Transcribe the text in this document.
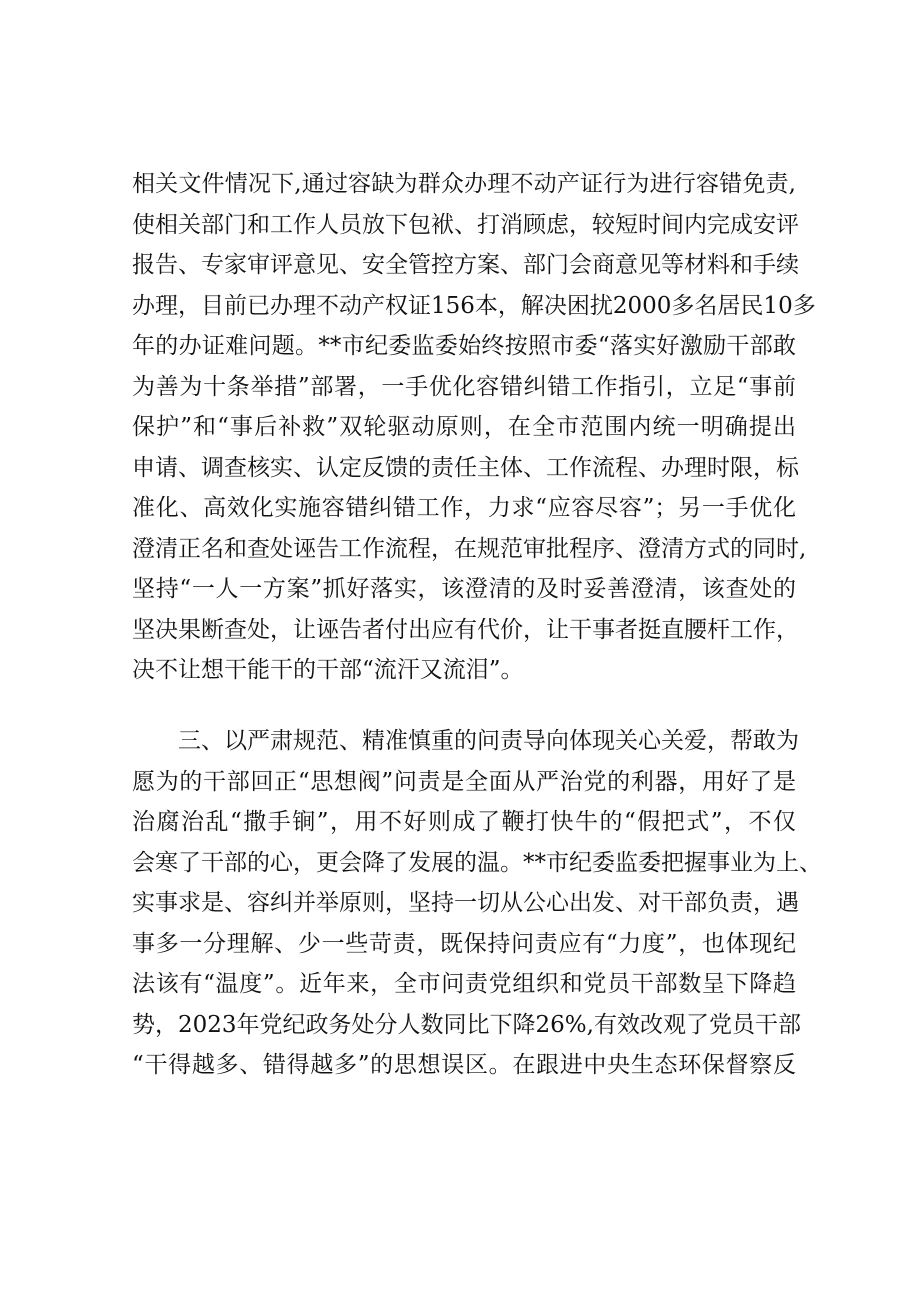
相关文件情况下,通过容缺为群众办理不动产证行为进行容错免责,
使相关部门和工作人员放下包袱、打消顾虑，较短时间内完成安评
报告、专家审评意见、安全管控方案、部门会商意见等材料和手续
办理，目前已办理不动产权证156本，解决困扰2000多名居民10多
年的办证难问题。**市纪委监委始终按照市委“落实好激励干部敢
为善为十条举措”部署，一手优化容错纠错工作指引，立足“事前
保护”和“事后补救”双轮驱动原则，在全市范围内统一明确提出
申请、调查核实、认定反馈的责任主体、工作流程、办理时限，标
准化、高效化实施容错纠错工作，力求“应容尽容”；另一手优化
澄清正名和查处诬告工作流程，在规范审批程序、澄清方式的同时,
坚持“一人一方案”抓好落实，该澄清的及时妥善澄清，该查处的
坚决果断查处，让诬告者付出应有代价，让干事者挺直腰杆工作，
决不让想干能干的干部“流汗又流泪”。
三、以严肃规范、精准慎重的问责导向体现关心关爱，帮敢为
愿为的干部回正“思想阀”问责是全面从严治党的利器，用好了是
治腐治乱“撒手锏”，用不好则成了鞭打快牛的“假把式”，不仅
会寒了干部的心，更会降了发展的温。**市纪委监委把握事业为上、
实事求是、容纠并举原则，坚持一切从公心出发、对干部负责，遇
事多一分理解、少一些苛责，既保持问责应有“力度”，也体现纪
法该有“温度”。近年来，全市问责党组织和党员干部数呈下降趋
势，2023年党纪政务处分人数同比下降26%,有效改观了党员干部
“干得越多、错得越多”的思想误区。在跟进中央生态环保督察反
